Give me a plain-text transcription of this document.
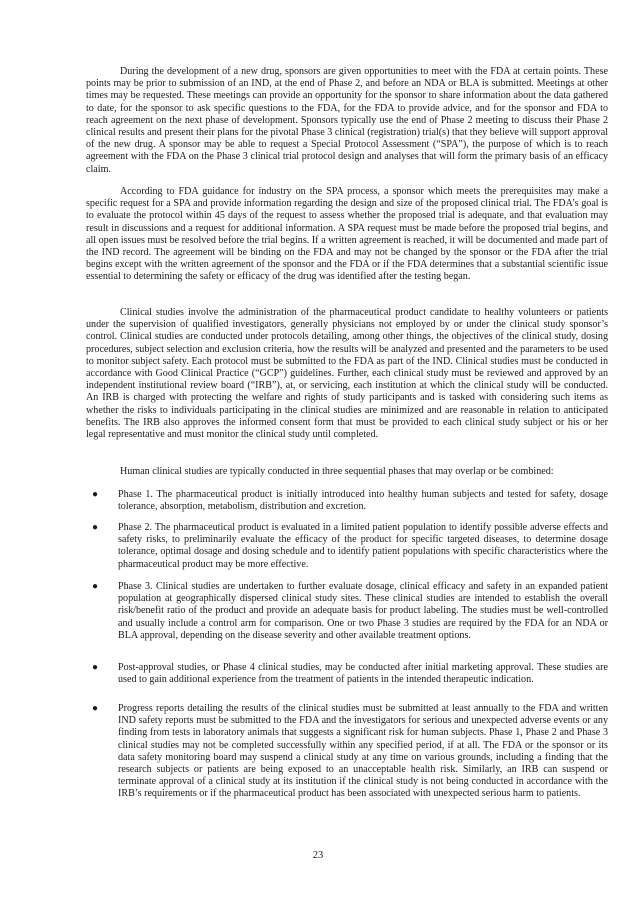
During the development of a new drug, sponsors are given opportunities to meet with the FDA at certain points. These points may be prior to submission of an IND, at the end of Phase 2, and before an NDA or BLA is submitted. Meetings at other times may be requested. These meetings can provide an opportunity for the sponsor to share information about the data gathered to date, for the sponsor to ask specific questions to the FDA, for the FDA to provide advice, and for the sponsor and FDA to reach agreement on the next phase of development. Sponsors typically use the end of Phase 2 meeting to discuss their Phase 2 clinical results and present their plans for the pivotal Phase 3 clinical (registration) trial(s) that they believe will support approval of the new drug. A sponsor may be able to request a Special Protocol Assessment (“SPA”), the purpose of which is to reach agreement with the FDA on the Phase 3 clinical trial protocol design and analyses that will form the primary basis of an efficacy claim.

According to FDA guidance for industry on the SPA process, a sponsor which meets the prerequisites may make a specific request for a SPA and provide information regarding the design and size of the proposed clinical trial. The FDA’s goal is to evaluate the protocol within 45 days of the request to assess whether the proposed trial is adequate, and that evaluation may result in discussions and a request for additional information. A SPA request must be made before the proposed trial begins, and all open issues must be resolved before the trial begins. If a written agreement is reached, it will be documented and made part of the IND record. The agreement will be binding on the FDA and may not be changed by the sponsor or the FDA after the trial begins except with the written agreement of the sponsor and the FDA or if the FDA determines that a substantial scientific issue essential to determining the safety or efficacy of the drug was identified after the testing began.

Clinical studies involve the administration of the pharmaceutical product candidate to healthy volunteers or patients under the supervision of qualified investigators, generally physicians not employed by or under the clinical study sponsor’s control. Clinical studies are conducted under protocols detailing, among other things, the objectives of the clinical study, dosing procedures, subject selection and exclusion criteria, how the results will be analyzed and presented and the parameters to be used to monitor subject safety. Each protocol must be submitted to the FDA as part of the IND. Clinical studies must be conducted in accordance with Good Clinical Practice (“GCP”) guidelines. Further, each clinical study must be reviewed and approved by an independent institutional review board (“IRB”), at, or servicing, each institution at which the clinical study will be conducted. An IRB is charged with protecting the welfare and rights of study participants and is tasked with considering such items as whether the risks to individuals participating in the clinical studies are minimized and are reasonable in relation to anticipated benefits. The IRB also approves the informed consent form that must be provided to each clinical study subject or his or her legal representative and must monitor the clinical study until completed.

Human clinical studies are typically conducted in three sequential phases that may overlap or be combined:

● Phase 1. The pharmaceutical product is initially introduced into healthy human subjects and tested for safety, dosage tolerance, absorption, metabolism, distribution and excretion.

● Phase 2. The pharmaceutical product is evaluated in a limited patient population to identify possible adverse effects and safety risks, to preliminarily evaluate the efficacy of the product for specific targeted diseases, to determine dosage tolerance, optimal dosage and dosing schedule and to identify patient populations with specific characteristics where the pharmaceutical product may be more effective.

● Phase 3. Clinical studies are undertaken to further evaluate dosage, clinical efficacy and safety in an expanded patient population at geographically dispersed clinical study sites. These clinical studies are intended to establish the overall risk/benefit ratio of the product and provide an adequate basis for product labeling. The studies must be well-controlled and usually include a control arm for comparison. One or two Phase 3 studies are required by the FDA for an NDA or BLA approval, depending on the disease severity and other available treatment options.

● Post-approval studies, or Phase 4 clinical studies, may be conducted after initial marketing approval. These studies are used to gain additional experience from the treatment of patients in the intended therapeutic indication.

● Progress reports detailing the results of the clinical studies must be submitted at least annually to the FDA and written IND safety reports must be submitted to the FDA and the investigators for serious and unexpected adverse events or any finding from tests in laboratory animals that suggests a significant risk for human subjects. Phase 1, Phase 2 and Phase 3 clinical studies may not be completed successfully within any specified period, if at all. The FDA or the sponsor or its data safety monitoring board may suspend a clinical study at any time on various grounds, including a finding that the research subjects or patients are being exposed to an unacceptable health risk. Similarly, an IRB can suspend or terminate approval of a clinical study at its institution if the clinical study is not being conducted in accordance with the IRB’s requirements or if the pharmaceutical product has been associated with unexpected serious harm to patients.

23
